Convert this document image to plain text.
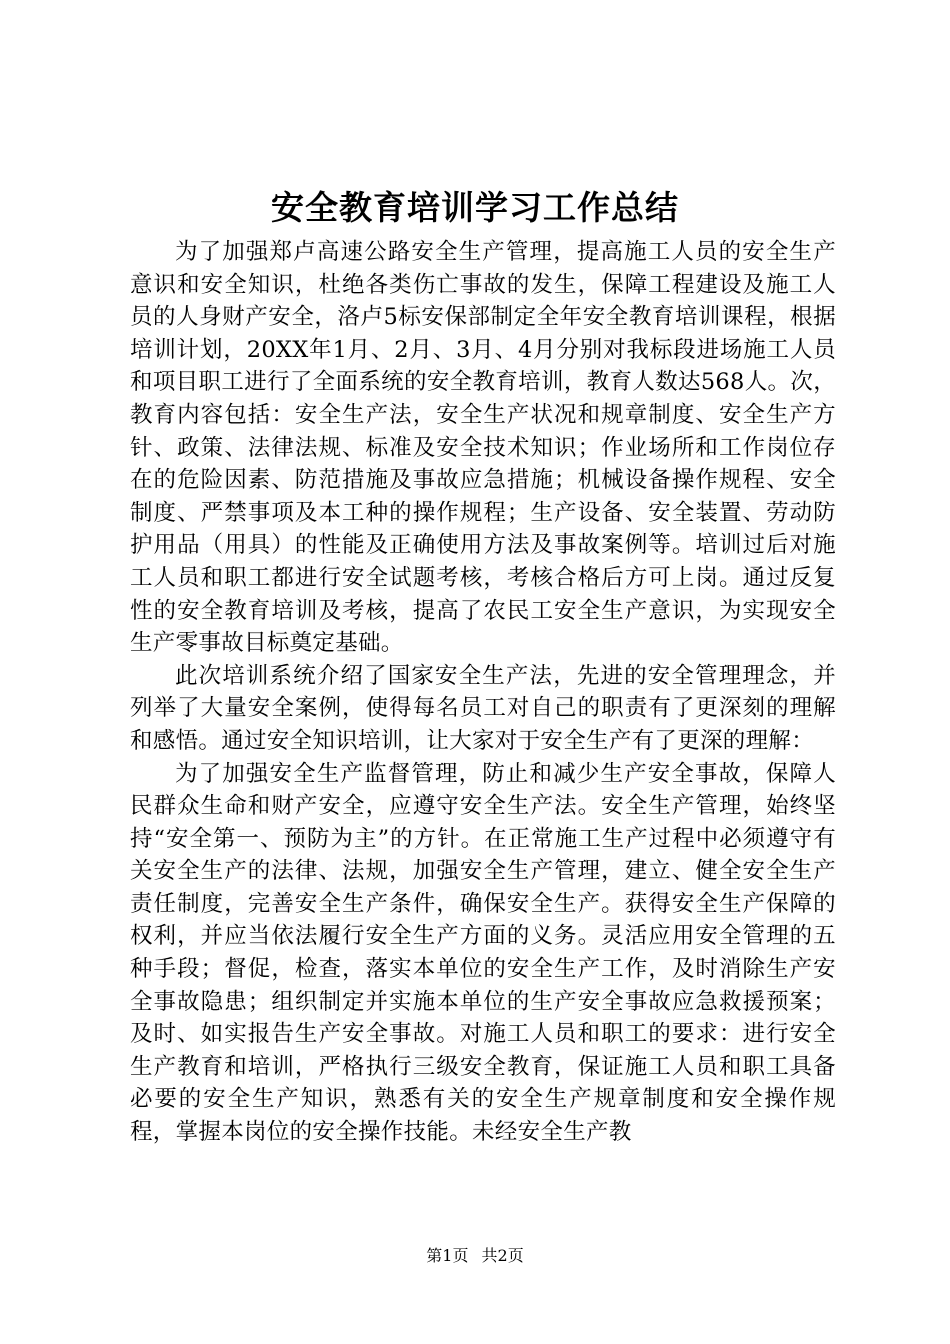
安全教育培训学习工作总结

为了加强郑卢高速公路安全生产管理，提高施工人员的安全生产意识和安全知识，杜绝各类伤亡事故的发生，保障工程建设及施工人员的人身财产安全，洛卢5标安保部制定全年安全教育培训课程，根据培训计划，20XX年1月、2月、3月、4月分别对我标段进场施工人员和项目职工进行了全面系统的安全教育培训，教育人数达568人。次，教育内容包括：安全生产法，安全生产状况和规章制度、安全生产方针、政策、法律法规、标准及安全技术知识；作业场所和工作岗位存在的危险因素、防范措施及事故应急措施；机械设备操作规程、安全制度、严禁事项及本工种的操作规程；生产设备、安全装置、劳动防护用品（用具）的性能及正确使用方法及事故案例等。培训过后对施工人员和职工都进行安全试题考核，考核合格后方可上岗。通过反复性的安全教育培训及考核，提高了农民工安全生产意识，为实现安全生产零事故目标奠定基础。

此次培训系统介绍了国家安全生产法，先进的安全管理理念，并列举了大量安全案例，使得每名员工对自己的职责有了更深刻的理解和感悟。通过安全知识培训，让大家对于安全生产有了更深的理解：

为了加强安全生产监督管理，防止和减少生产安全事故，保障人民群众生命和财产安全，应遵守安全生产法。安全生产管理，始终坚持“安全第一、预防为主”的方针。在正常施工生产过程中必须遵守有关安全生产的法律、法规，加强安全生产管理，建立、健全安全生产责任制度，完善安全生产条件，确保安全生产。获得安全生产保障的权利，并应当依法履行安全生产方面的义务。灵活应用安全管理的五种手段；督促，检查，落实本单位的安全生产工作，及时消除生产安全事故隐患；组织制定并实施本单位的生产安全事故应急救援预案；及时、如实报告生产安全事故。对施工人员和职工的要求：进行安全生产教育和培训，严格执行三级安全教育，保证施工人员和职工具备必要的安全生产知识，熟悉有关的安全生产规章制度和安全操作规程，掌握本岗位的安全操作技能。未经安全生产教

第1页 共2页
